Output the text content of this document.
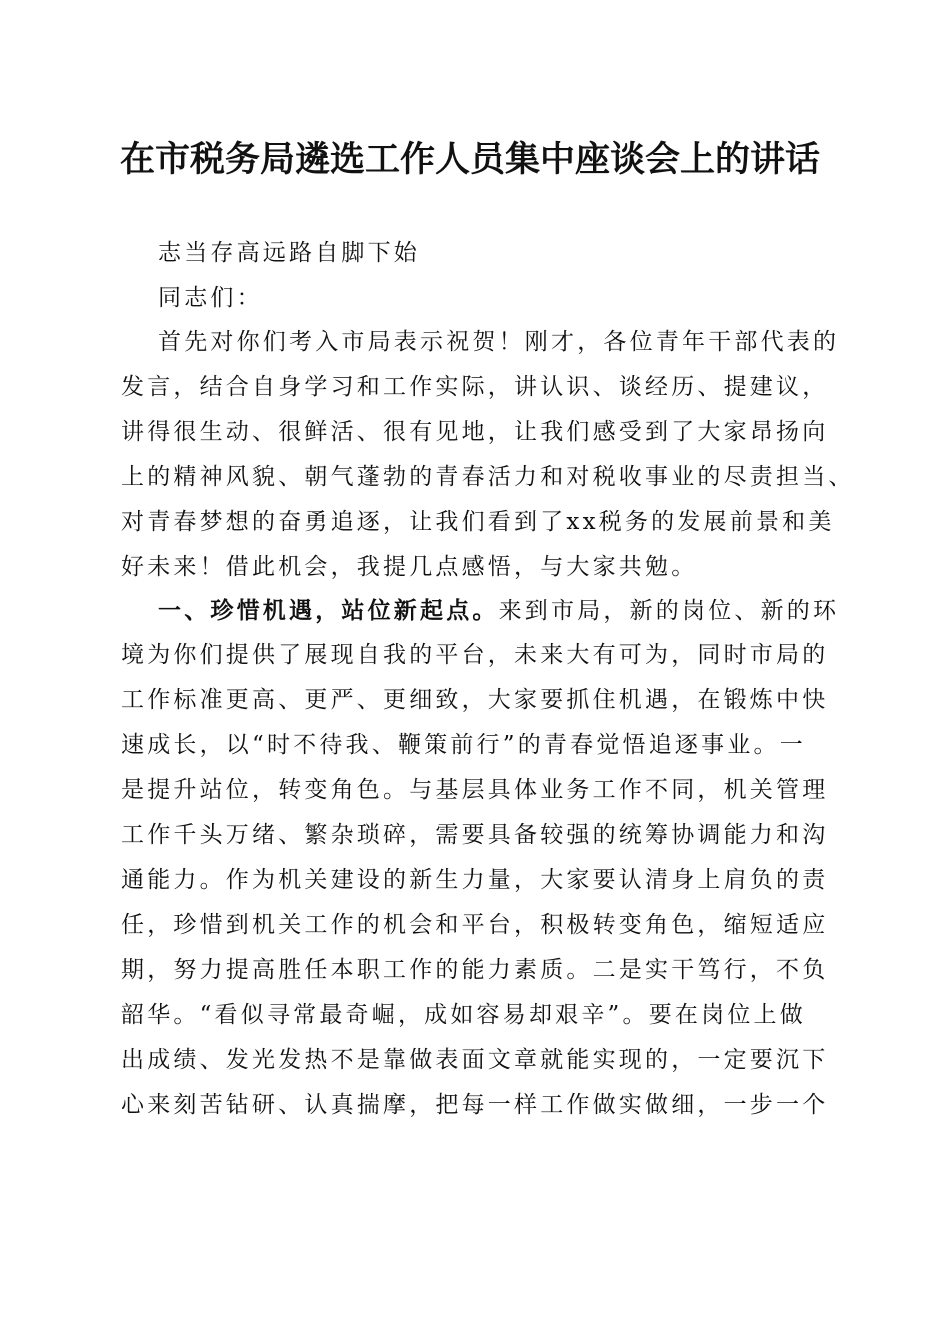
在市税务局遴选工作人员集中座谈会上的讲话
志当存高远路自脚下始
同志们：
首先对你们考入市局表示祝贺！刚才，各位青年干部代表的
发言，结合自身学习和工作实际，讲认识、谈经历、提建议，
讲得很生动、很鲜活、很有见地，让我们感受到了大家昂扬向
上的精神风貌、朝气蓬勃的青春活力和对税收事业的尽责担当、
对青春梦想的奋勇追逐，让我们看到了xx税务的发展前景和美
好未来！借此机会，我提几点感悟，与大家共勉。
一、珍惜机遇，站位新起点。来到市局，新的岗位、新的环
境为你们提供了展现自我的平台，未来大有可为，同时市局的
工作标准更高、更严、更细致，大家要抓住机遇，在锻炼中快
速成长，以“时不待我、鞭策前行”的青春觉悟追逐事业。一
是提升站位，转变角色。与基层具体业务工作不同，机关管理
工作千头万绪、繁杂琐碎，需要具备较强的统筹协调能力和沟
通能力。作为机关建设的新生力量，大家要认清身上肩负的责
任，珍惜到机关工作的机会和平台，积极转变角色，缩短适应
期，努力提高胜任本职工作的能力素质。二是实干笃行，不负
韶华。“看似寻常最奇崛，成如容易却艰辛”。要在岗位上做
出成绩、发光发热不是靠做表面文章就能实现的，一定要沉下
心来刻苦钻研、认真揣摩，把每一样工作做实做细，一步一个
